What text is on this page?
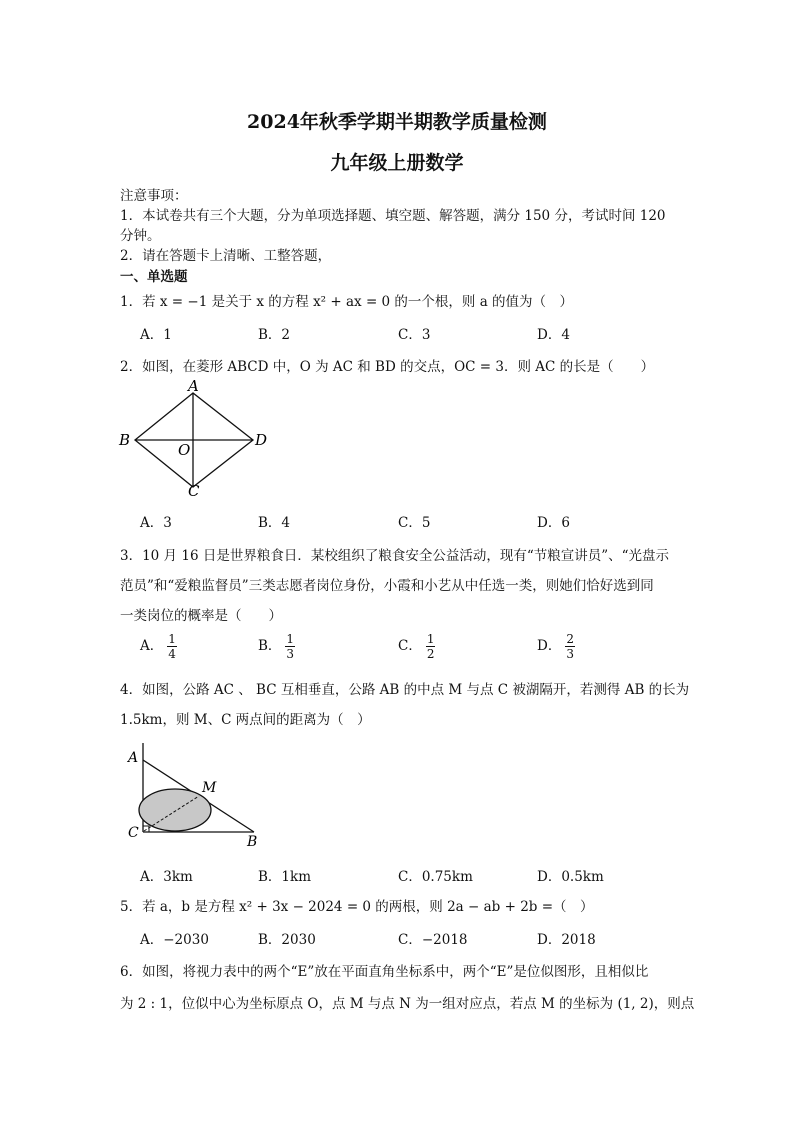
2024年秋季学期半期教学质量检测
九年级上册数学
注意事项：
1．本试卷共有三个大题，分为单项选择题、填空题、解答题，满分 150 分，考试时间 120
分钟。
2．请在答题卡上清晰、工整答题，
一、单选题
1．若 x = −1 是关于 x 的方程 x² + ax = 0 的一个根，则 a 的值为（　）
A．1	B．2	C．3	D．4
2．如图，在菱形 ABCD 中，O 为 AC 和 BD 的交点，OC = 3．则 AC 的长是（　　）
A
B
C
D
O
A．3	B．4	C．5	D．6
3．10 月 16 日是世界粮食日．某校组织了粮食安全公益活动，现有“节粮宣讲员”、“光盘示
范员”和“爱粮监督员”三类志愿者岗位身份，小霞和小艺从中任选一类，则她们恰好选到同
一类岗位的概率是（　　）
A． $\frac{1}{4}$	B． $\frac{1}{3}$	C． $\frac{1}{2}$	D． $\frac{2}{3}$
4．如图，公路 AC 、 BC 互相垂直，公路 AB 的中点 M 与点 C 被湖隔开，若测得 AB 的长为
1.5km，则 M、C 两点间的距离为（　）
A
C
B
M
A．3km	B．1km	C．0.75km	D．0.5km
5．若 a，b 是方程 x² + 3x − 2024 = 0 的两根，则 2a − ab + 2b =（　）
A．−2030	B．2030	C．−2018	D．2018
6．如图，将视力表中的两个“E”放在平面直角坐标系中，两个“E”是位似图形，且相似比
为 2 : 1，位似中心为坐标原点 O，点 M 与点 N 为一组对应点，若点 M 的坐标为 (1, 2)，则点
